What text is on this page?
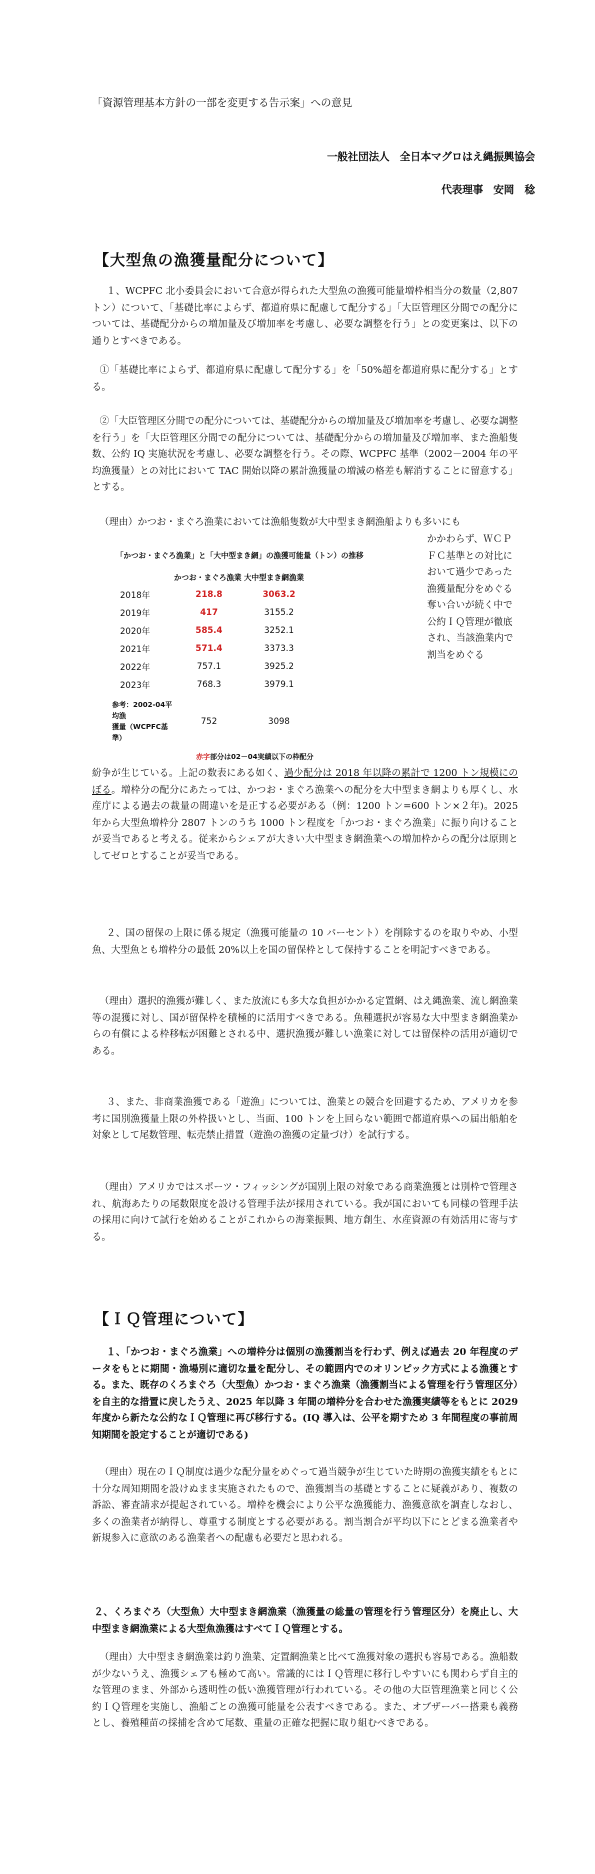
「資源管理基本方針の一部を変更する告示案」への意見
一般社団法人　全日本マグロはえ縄振興協会
代表理事　安岡　稔
【大型魚の漁獲量配分について】
１、WCPFC 北小委員会において合意が得られた大型魚の漁獲可能量増枠相当分の数量（2,807 トン）について、「基礎比率によらず、都道府県に配慮して配分する」「大臣管理区分間での配分については、基礎配分からの増加量及び増加率を考慮し、必要な調整を行う」との変更案は、以下の通りとすべきである。
①「基礎比率によらず、都道府県に配慮して配分する」を「50%超を都道府県に配分する」とする。
②「大臣管理区分間での配分については、基礎配分からの増加量及び増加率を考慮し、必要な調整を行う」を「大臣管理区分間での配分については、基礎配分からの増加量及び増加率、また漁船隻数、公約 IQ 実施状況を考慮し、必要な調整を行う。その際、WCPFC 基準（2002－2004 年の平均漁獲量）との対比において TAC 開始以降の累計漁獲量の増減の格差も解消することに留意する」とする。
（理由）かつお・まぐろ漁業においては漁船隻数が大中型まき網漁船よりも多いにも
「かつお・まぐろ漁業」と「大中型まき網」の漁獲可能量（トン）の推移
	かつお・まぐろ漁業	大中型まき網漁業
2018年	218.8	3063.2
2019年	417	3155.2
2020年	585.4	3252.1
2021年	571.4	3373.3
2022年	757.1	3925.2
2023年	768.3	3979.1

参考：2002-04平均漁
獲量（WCPFC基準）	752	3098
赤字部分は02－04実績以下の枠配分
かかわらず、ＷＣＰＦＣ基準との対比において過少であった漁獲量配分をめぐる奪い合いが続く中で公約ＩＱ管理が徹底され、当該漁業内で割当をめぐる
紛争が生じている。上記の数表にある如く、過少配分は 2018 年以降の累計で 1200 トン規模にのぼる。増枠分の配分にあたっては、かつお・まぐろ漁業への配分を大中型まき網よりも厚くし、水産庁による過去の裁量の間違いを是正する必要がある（例：1200 トン=600 トン×２年)。2025 年から大型魚増枠分 2807 トンのうち 1000 トン程度を「かつお・まぐろ漁業」に振り向けることが妥当であると考える。従来からシェアが大きい大中型まき網漁業への増加枠からの配分は原則としてゼロとすることが妥当である。
２、国の留保の上限に係る規定（漁獲可能量の 10 パーセント）を削除するのを取りやめ、小型魚、大型魚とも増枠分の最低 20%以上を国の留保枠として保持することを明記すべきである。
（理由）選択的漁獲が難しく、また放流にも多大な負担がかかる定置網、はえ縄漁業、流し網漁業等の混獲に対し、国が留保枠を積極的に活用すべきである。魚種選択が容易な大中型まき網漁業からの有償による枠移転が困難とされる中、選択漁獲が難しい漁業に対しては留保枠の活用が適切である。
３、また、非商業漁獲である「遊漁」については、漁業との競合を回避するため、アメリカを参考に国別漁獲量上限の外枠扱いとし、当面、100 トンを上回らない範囲で都道府県への届出船舶を対象として尾数管理、転売禁止措置（遊漁の漁獲の定量づけ）を試行する。
（理由）アメリカではスポーツ・フィッシングが国別上限の対象である商業漁獲とは別枠で管理され、航海あたりの尾数限度を設ける管理手法が採用されている。我が国においても同様の管理手法の採用に向けて試行を始めることがこれからの海業振興、地方創生、水産資源の有効活用に寄与する。
【ＩＱ管理について】
１、「かつお・まぐろ漁業」への増枠分は個別の漁獲割当を行わず、例えば過去 20 年程度のデータをもとに期間・漁場別に適切な量を配分し、その範囲内でのオリンピック方式による漁獲とする。また、既存のくろまぐろ（大型魚）かつお・まぐろ漁業（漁獲割当による管理を行う管理区分）を自主的な措置に戻したうえ、2025 年以降 3 年間の増枠分を合わせた漁獲実績等をもとに 2029 年度から新たな公約なＩＱ管理に再び移行する。(IQ 導入は、公平を期すため 3 年間程度の事前周知期間を設定することが適切である)
（理由）現在のＩＱ制度は過少な配分量をめぐって過当競争が生じていた時期の漁獲実績をもとに十分な周知期間を設けぬまま実施されたもので、漁獲割当の基礎とすることに疑義があり、複数の訴訟、審査請求が提起されている。増枠を機会により公平な漁獲能力、漁獲意欲を調査しなおし、多くの漁業者が納得し、尊重する制度とする必要がある。割当割合が平均以下にとどまる漁業者や新規参入に意欲のある漁業者への配慮も必要だと思われる。
２、くろまぐろ（大型魚）大中型まき網漁業（漁獲量の総量の管理を行う管理区分）を廃止し、大中型まき網漁業による大型魚漁獲はすべてＩＱ管理とする。
（理由）大中型まき網漁業は釣り漁業、定置網漁業と比べて漁獲対象の選択も容易である。漁船数が少ないうえ、漁獲シェアも極めて高い。常識的にはＩＱ管理に移行しやすいにも関わらず自主的な管理のまま、外部から透明性の低い漁獲管理が行われている。その他の大臣管理漁業と同じく公約ＩＱ管理を実施し、漁船ごとの漁獲可能量を公表すべきである。また、オブザーバー搭乗も義務とし、養殖種苗の採捕を含めて尾数、重量の正確な把握に取り組むべきである。
